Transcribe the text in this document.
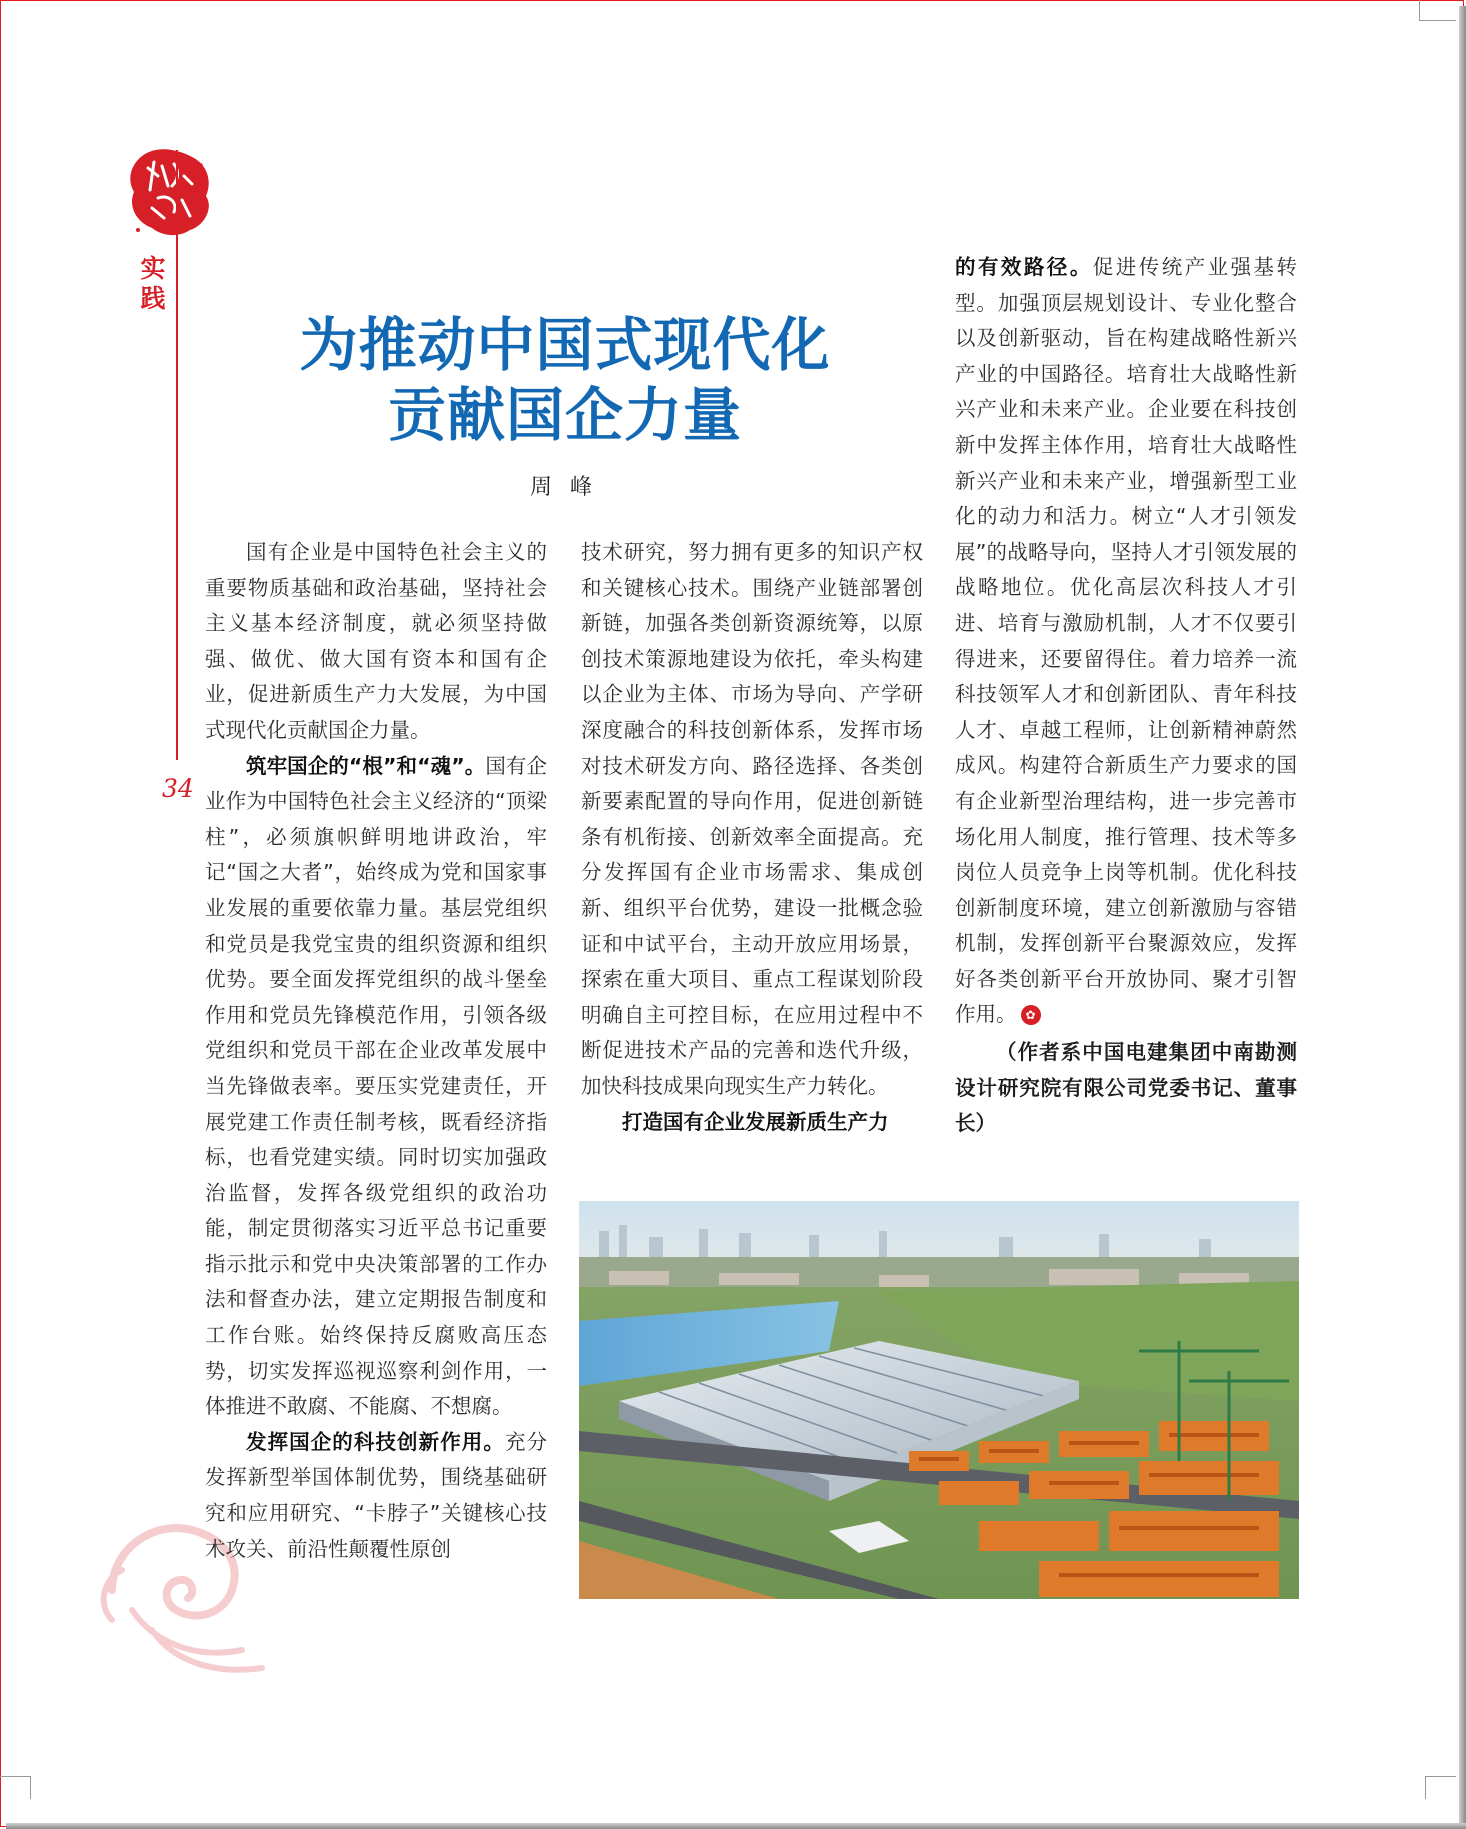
实践
34
为推动中国式现代化
贡献国企力量
周峰

国有企业是中国特色社会主义的重要物质基础和政治基础，坚持社会主义基本经济制度，就必须坚持做强、做优、做大国有资本和国有企业，促进新质生产力大发展，为中国式现代化贡献国企力量。

筑牢国企的“根”和“魂”。国有企业作为中国特色社会主义经济的“顶梁柱”，必须旗帜鲜明地讲政治，牢记“国之大者”，始终成为党和国家事业发展的重要依靠力量。基层党组织和党员是我党宝贵的组织资源和组织优势。要全面发挥党组织的战斗堡垒作用和党员先锋模范作用，引领各级党组织和党员干部在企业改革发展中当先锋做表率。要压实党建责任，开展党建工作责任制考核，既看经济指标，也看党建实绩。同时切实加强政治监督，发挥各级党组织的政治功能，制定贯彻落实习近平总书记重要指示批示和党中央决策部署的工作办法和督查办法，建立定期报告制度和工作台账。始终保持反腐败高压态势，切实发挥巡视巡察利剑作用，一体推进不敢腐、不能腐、不想腐。

发挥国企的科技创新作用。充分发挥新型举国体制优势，围绕基础研究和应用研究、“卡脖子”关键核心技术攻关、前沿性颠覆性原创

技术研究，努力拥有更多的知识产权和关键核心技术。围绕产业链部署创新链，加强各类创新资源统筹，以原创技术策源地建设为依托，牵头构建以企业为主体、市场为导向、产学研深度融合的科技创新体系，发挥市场对技术研发方向、路径选择、各类创新要素配置的导向作用，促进创新链条有机衔接、创新效率全面提高。充分发挥国有企业市场需求、集成创新、组织平台优势，建设一批概念验证和中试平台，主动开放应用场景，探索在重大项目、重点工程谋划阶段明确自主可控目标，在应用过程中不断促进技术产品的完善和迭代升级，加快科技成果向现实生产力转化。

打造国有企业发展新质生产力

的有效路径。促进传统产业强基转型。加强顶层规划设计、专业化整合以及创新驱动，旨在构建战略性新兴产业的中国路径。培育壮大战略性新兴产业和未来产业。企业要在科技创新中发挥主体作用，培育壮大战略性新兴产业和未来产业，增强新型工业化的动力和活力。树立“人才引领发展”的战略导向，坚持人才引领发展的战略地位。优化高层次科技人才引进、培育与激励机制，人才不仅要引得进来，还要留得住。着力培养一流科技领军人才和创新团队、青年科技人才、卓越工程师，让创新精神蔚然成风。构建符合新质生产力要求的国有企业新型治理结构，进一步完善市场化用人制度，推行管理、技术等多岗位人员竞争上岗等机制。优化科技创新制度环境，建立创新激励与容错机制，发挥创新平台聚源效应，发挥好各类创新平台开放协同、聚才引智作用。 ✿

（作者系中国电建集团中南勘测设计研究院有限公司党委书记、董事长）
